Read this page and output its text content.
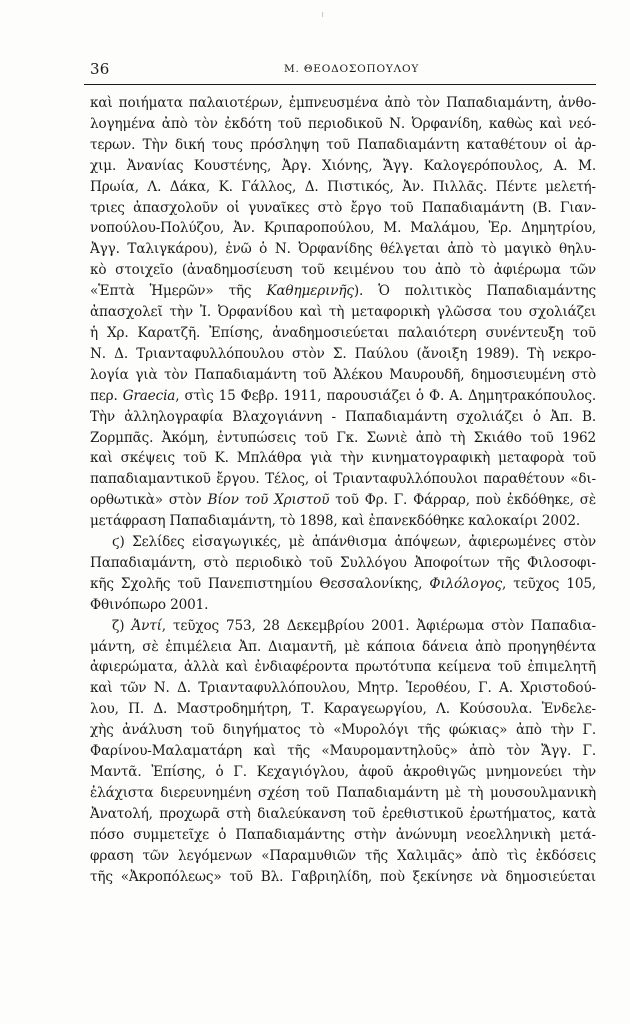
36	Μ. ΘΕΟΔΟΣΟΠΟΥΛΟΥ
καὶ ποιήματα παλαιοτέρων, ἐμπνευσμένα ἀπὸ τὸν Παπαδιαμάντη, ἀνθο-
λογημένα ἀπὸ τὸν ἐκδότη τοῦ περιοδικοῦ Ν. Ὀρφανίδη, καθὼς καὶ νεό-
τερων. Τὴν δική τους πρόσληψη τοῦ Παπαδιαμάντη καταθέτουν οἱ ἀρ-
χιμ. Ἀνανίας Κουστένης, Ἀργ. Χιόνης, Ἄγγ. Καλογερόπουλος, Α. Μ.
Πρωία, Λ. Δάκα, Κ. Γάλλος, Δ. Πιστικός, Ἀν. Πιλλᾶς. Πέντε μελετή-
τριες ἀπασχολοῦν οἱ γυναῖκες στὸ ἔργο τοῦ Παπαδιαμάντη (Β. Γιαν-
νοπούλου-Πολύζου, Ἀν. Κριπαροπούλου, Μ. Μαλάμου, Ἐρ. Δημητρίου,
Ἀγγ. Ταλιγκάρου), ἐνῶ ὁ Ν. Ὀρφανίδης θέλγεται ἀπὸ τὸ μαγικὸ θηλυ-
κὸ στοιχεῖο (ἀναδημοσίευση τοῦ κειμένου του ἀπὸ τὸ ἀφιέρωμα τῶν
«Ἑπτὰ Ἡμερῶν» τῆς Καθημερινῆς). Ὁ πολιτικὸς Παπαδιαμάντης
ἀπασχολεῖ τὴν Ἰ. Ὀρφανίδου καὶ τὴ μεταφορικὴ γλῶσσα του σχολιάζει
ἡ Χρ. Καρατζῆ. Ἐπίσης, ἀναδημοσιεύεται παλαιότερη συνέντευξη τοῦ
Ν. Δ. Τριανταφυλλόπουλου στὸν Σ. Παύλου (ἄνοιξη 1989). Τὴ νεκρο-
λογία γιὰ τὸν Παπαδιαμάντη τοῦ Ἀλέκου Μαυρουδῆ, δημοσιευμένη στὸ
περ. Graecia, στὶς 15 Φεβρ. 1911, παρουσιάζει ὁ Φ. Α. Δημητρακόπουλος.
Τὴν ἀλληλογραφία Βλαχογιάννη - Παπαδιαμάντη σχολιάζει ὁ Ἀπ. Β.
Ζορμπᾶς. Ἀκόμη, ἐντυπώσεις τοῦ Γκ. Σωνιὲ ἀπὸ τὴ Σκιάθο τοῦ 1962
καὶ σκέψεις τοῦ Κ. Μπλάθρα γιὰ τὴν κινηματογραφικὴ μεταφορὰ τοῦ
παπαδιαμαντικοῦ ἔργου. Τέλος, οἱ Τριανταφυλλόπουλοι παραθέτουν «δι-
ορθωτικὰ» στὸν Βίον τοῦ Χριστοῦ τοῦ Φρ. Γ. Φάρραρ, ποὺ ἐκδόθηκε, σὲ
μετάφραση Παπαδιαμάντη, τὸ 1898, καὶ ἐπανεκδόθηκε καλοκαίρι 2002.
ϛ) Σελίδες εἰσαγωγικές, μὲ ἀπάνθισμα ἀπόψεων, ἀφιερωμένες στὸν
Παπαδιαμάντη, στὸ περιοδικὸ τοῦ Συλλόγου Ἀποφοίτων τῆς Φιλοσοφι-
κῆς Σχολῆς τοῦ Πανεπιστημίου Θεσσαλονίκης, Φιλόλογος, τεῦχος 105,
Φθινόπωρο 2001.
ζ) Ἀντί, τεῦχος 753, 28 Δεκεμβρίου 2001. Ἀφιέρωμα στὸν Παπαδια-
μάντη, σὲ ἐπιμέλεια Ἀπ. Διαμαντῆ, μὲ κάποια δάνεια ἀπὸ προηγηθέντα
ἀφιερώματα, ἀλλὰ καὶ ἐνδιαφέροντα πρωτότυπα κείμενα τοῦ ἐπιμελητῆ
καὶ τῶν Ν. Δ. Τριανταφυλλόπουλου, Μητρ. Ἱεροθέου, Γ. Α. Χριστοδού-
λου, Π. Δ. Μαστροδημήτρη, Τ. Καραγεωργίου, Λ. Κούσουλα. Ἐνδελε-
χὴς ἀνάλυση τοῦ διηγήματος τὸ «Μυρολόγι τῆς φώκιας» ἀπὸ τὴν Γ.
Φαρίνου-Μαλαματάρη καὶ τῆς «Μαυρομαντηλοῦς» ἀπὸ τὸν Ἄγγ. Γ.
Μαντᾶ. Ἐπίσης, ὁ Γ. Κεχαγιόγλου, ἀφοῦ ἀκροθιγῶς μνημονεύει τὴν
ἐλάχιστα διερευνημένη σχέση τοῦ Παπαδιαμάντη μὲ τὴ μουσουλμανικὴ
Ἀνατολή, προχωρᾶ στὴ διαλεύκανση τοῦ ἐρεθιστικοῦ ἐρωτήματος, κατὰ
πόσο συμμετεῖχε ὁ Παπαδιαμάντης στὴν ἀνώνυμη νεοελληνικὴ μετά-
φραση τῶν λεγόμενων «Παραμυθιῶν τῆς Χαλιμᾶς» ἀπὸ τὶς ἐκδόσεις
τῆς «Ἀκροπόλεως» τοῦ Βλ. Γαβριηλίδη, ποὺ ξεκίνησε νὰ δημοσιεύεται
